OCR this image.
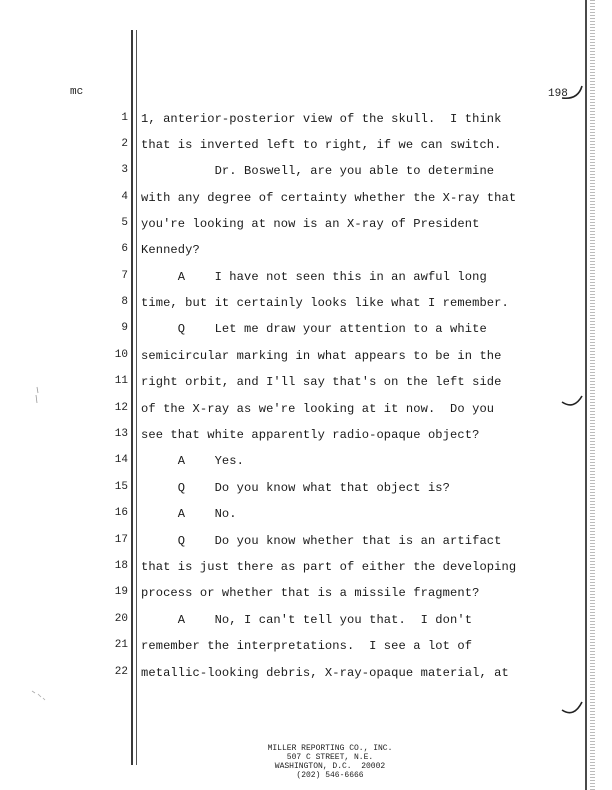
mc	198
1 1, anterior-posterior view of the skull.  I think
2 that is inverted left to right, if we can switch.
3 Dr. Boswell, are you able to determine
4 with any degree of certainty whether the X-ray that
5 you're looking at now is an X-ray of President
6 Kennedy?
7 A    I have not seen this in an awful long
8 time, but it certainly looks like what I remember.
9 Q    Let me draw your attention to a white
10 semicircular marking in what appears to be in the
11 right orbit, and I'll say that's on the left side
12 of the X-ray as we're looking at it now.  Do you
13 see that white apparently radio-opaque object?
14 A    Yes.
15 Q    Do you know what that object is?
16 A    No.
17 Q    Do you know whether that is an artifact
18 that is just there as part of either the developing
19 process or whether that is a missile fragment?
20 A    No, I can't tell you that.  I don't
21 remember the interpretations.  I see a lot of
22 metallic-looking debris, X-ray-opaque material, at
MILLER REPORTING CO., INC.
507 C STREET, N.E.
WASHINGTON, D.C.  20002
(202) 546-6666
